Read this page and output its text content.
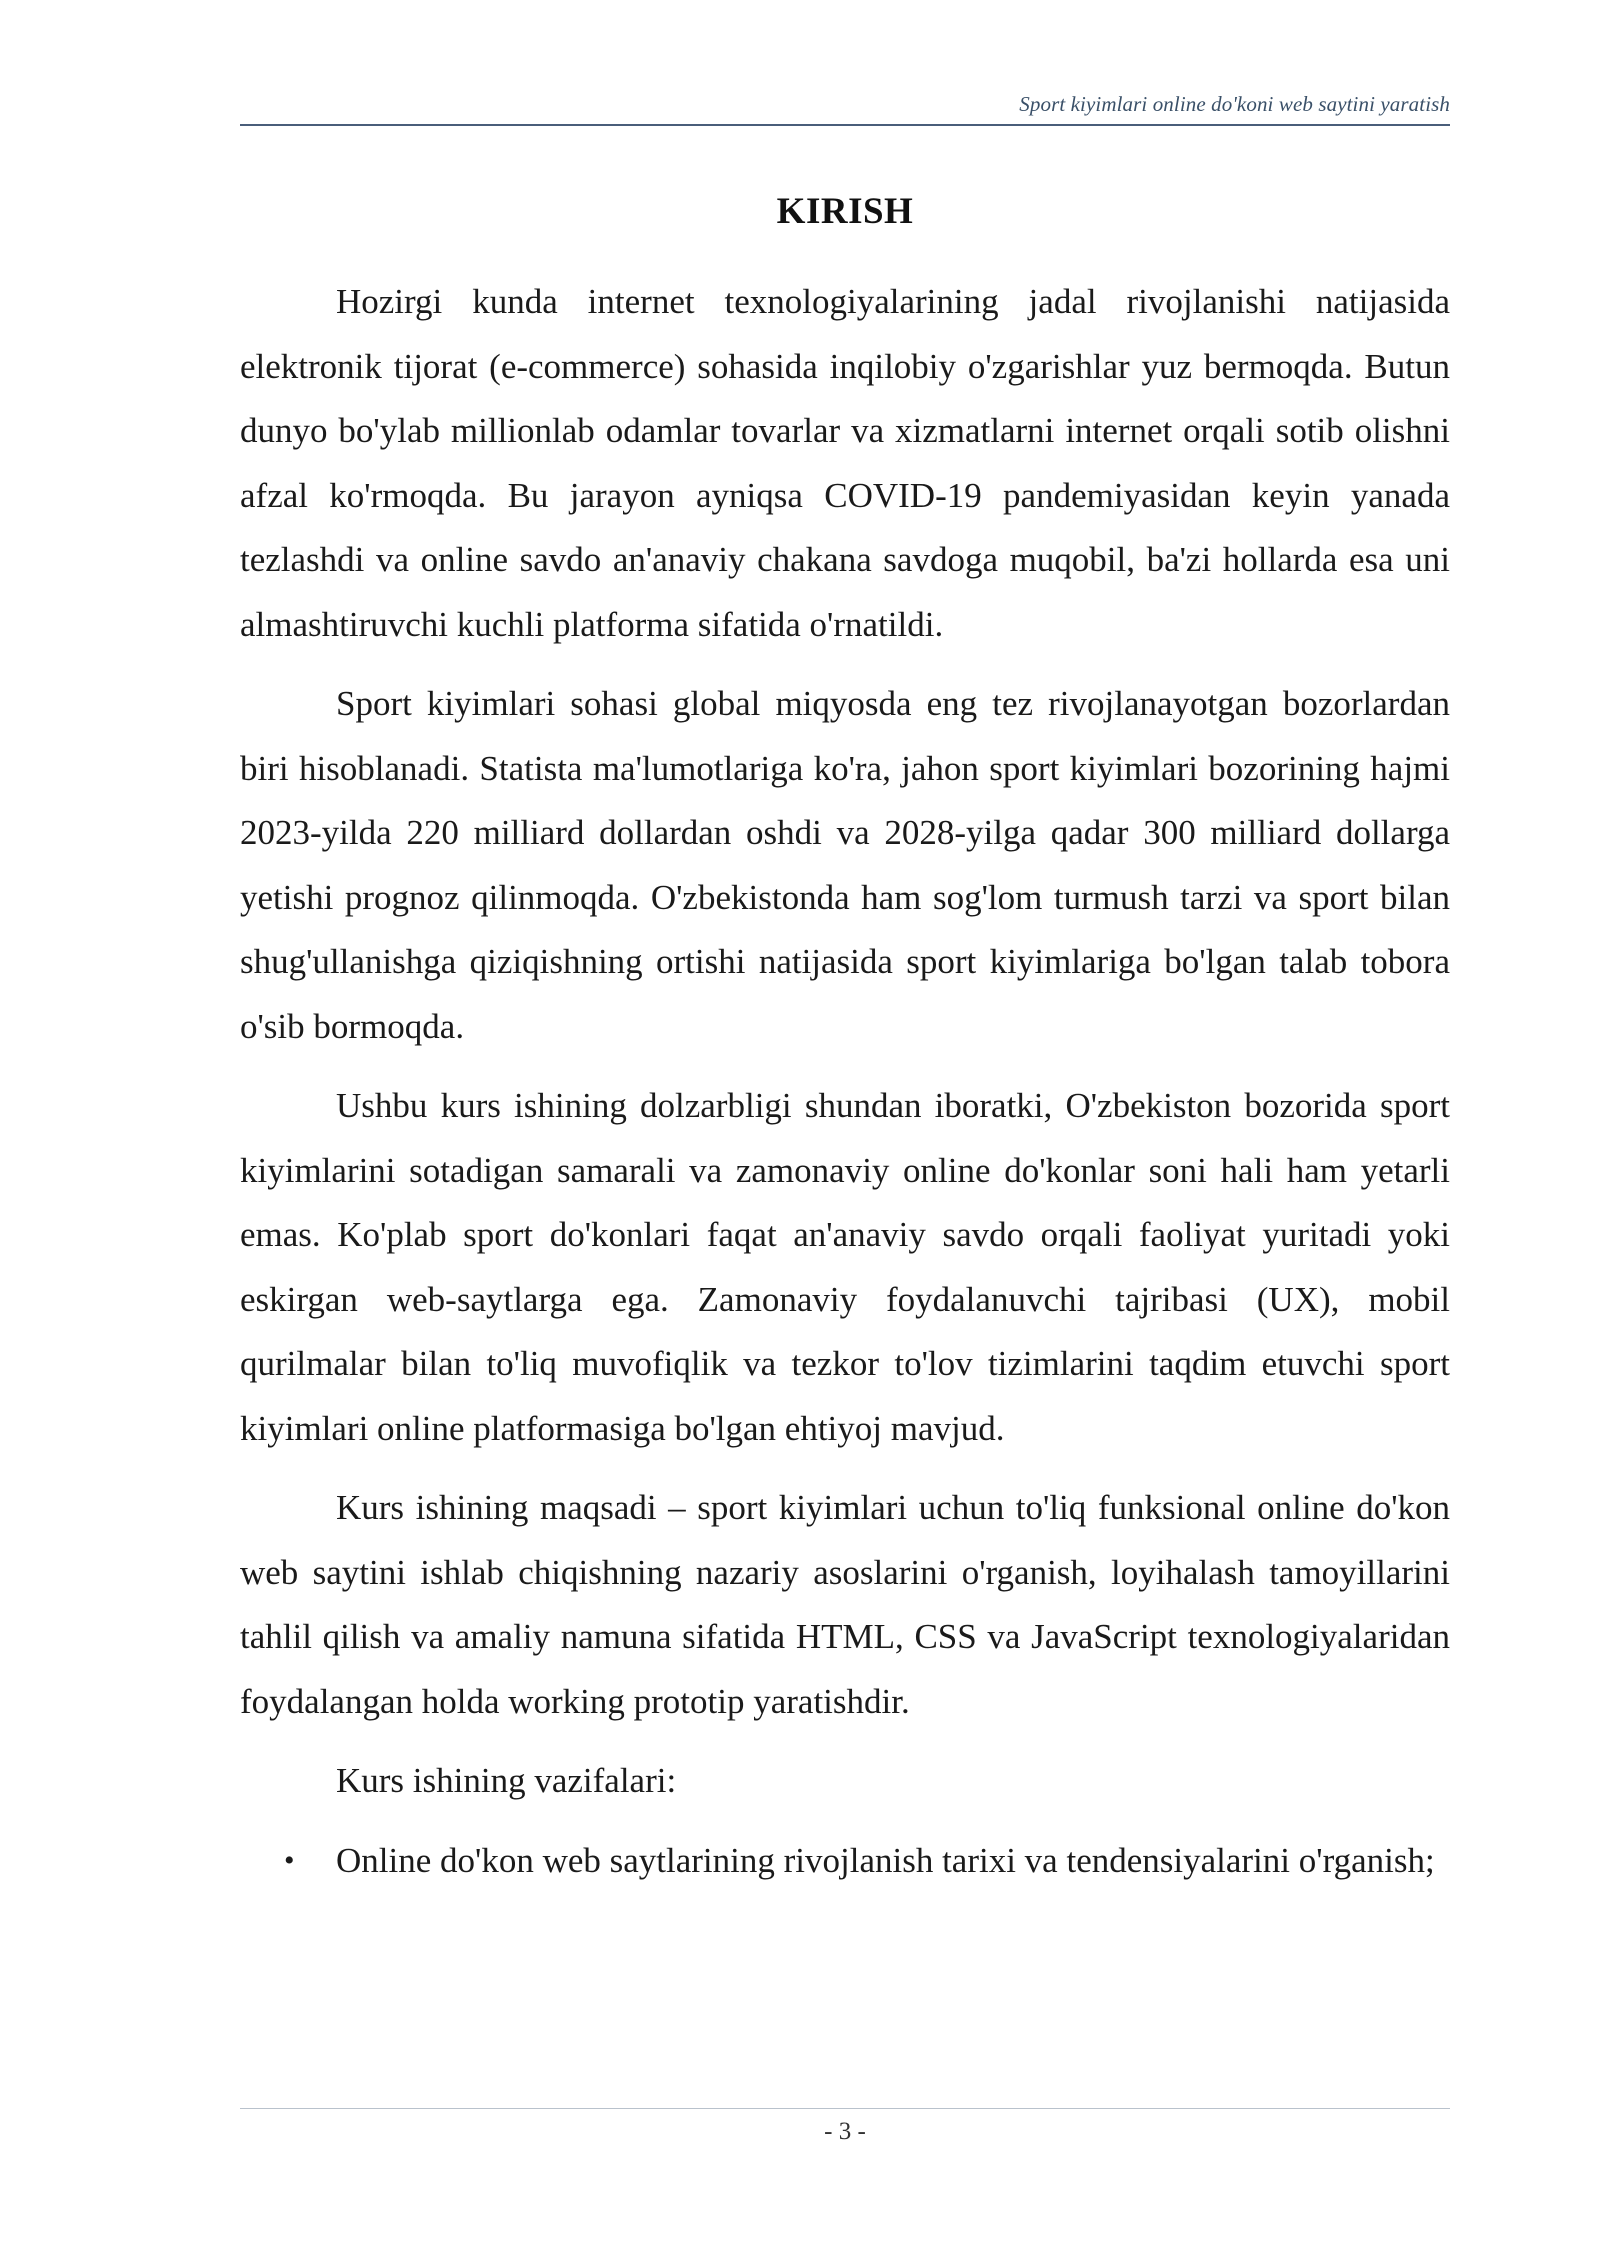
Sport kiyimlari online do'koni web saytini yaratish
KIRISH

Hozirgi kunda internet texnologiyalarining jadal rivojlanishi natijasida elektronik tijorat (e-commerce) sohasida inqilobiy o'zgarishlar yuz bermoqda. Butun dunyo bo'ylab millionlab odamlar tovarlar va xizmatlarni internet orqali sotib olishni afzal ko'rmoqda. Bu jarayon ayniqsa COVID-19 pandemiyasidan keyin yanada tezlashdi va online savdo an'anaviy chakana savdoga muqobil, ba'zi hollarda esa uni almashtiruvchi kuchli platforma sifatida o'rnatildi.

Sport kiyimlari sohasi global miqyosda eng tez rivojlanayotgan bozorlardan biri hisoblanadi. Statista ma'lumotlariga ko'ra, jahon sport kiyimlari bozorining hajmi 2023-yilda 220 milliard dollardan oshdi va 2028-yilga qadar 300 milliard dollarga yetishi prognoz qilinmoqda. O'zbekistonda ham sog'lom turmush tarzi va sport bilan shug'ullanishga qiziqishning ortishi natijasida sport kiyimlariga bo'lgan talab tobora o'sib bormoqda.

Ushbu kurs ishining dolzarbligi shundan iboratki, O'zbekiston bozorida sport kiyimlarini sotadigan samarali va zamonaviy online do'konlar soni hali ham yetarli emas. Ko'plab sport do'konlari faqat an'anaviy savdo orqali faoliyat yuritadi yoki eskirgan web-saytlarga ega. Zamonaviy foydalanuvchi tajribasi (UX), mobil qurilmalar bilan to'liq muvofiqlik va tezkor to'lov tizimlarini taqdim etuvchi sport kiyimlari online platformasiga bo'lgan ehtiyoj mavjud.

Kurs ishining maqsadi – sport kiyimlari uchun to'liq funksional online do'kon web saytini ishlab chiqishning nazariy asoslarini o'rganish, loyihalash tamoyillarini tahlil qilish va amaliy namuna sifatida HTML, CSS va JavaScript texnologiyalaridan foydalangan holda working prototip yaratishdir.

Kurs ishining vazifalari:

• Online do'kon web saytlarining rivojlanish tarixi va tendensiyalarini o'rganish;
- 3 -
